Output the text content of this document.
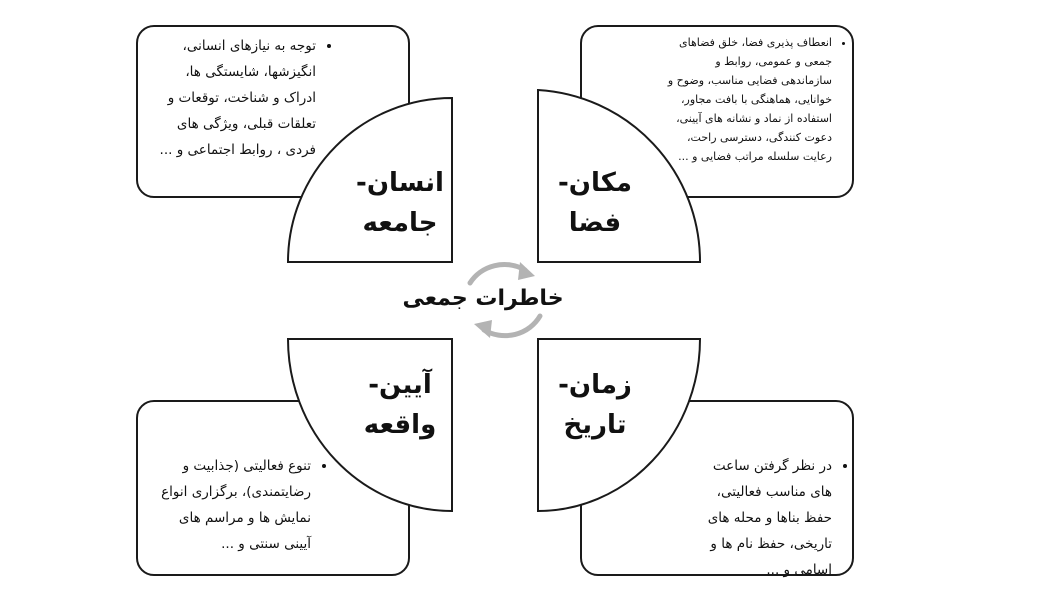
انسان-
جامعه
مکان-
فضا
آیین-
واقعه
زمان-
تاریخ
خاطرات جمعی
• توجه به نیازهای انسانی، انگیزشها، شایستگی ها، ادراک و شناخت، توقعات و تعلقات قبلی، ویژگی های فردی ، روابط اجتماعی و ...
• انعطاف پذیری فضا، خلق فضاهای جمعی و عمومی، روابط و سازماندهی فضایی مناسب، وضوح و خوانایی، هماهنگی با بافت مجاور، استفاده از نماد و نشانه های آیینی، دعوت کنندگی، دسترسی راحت، رعایت سلسله مراتب فضایی و ...
• تنوع فعالیتی (جذابیت و رضایتمندی)، برگزاری انواع نمایش ها و مراسم های آیینی سنتی و ...
• در نظر گرفتن ساعت های مناسب فعالیتی، حفظ بناها و محله های تاریخی، حفظ نام ها و اسامی و ...
